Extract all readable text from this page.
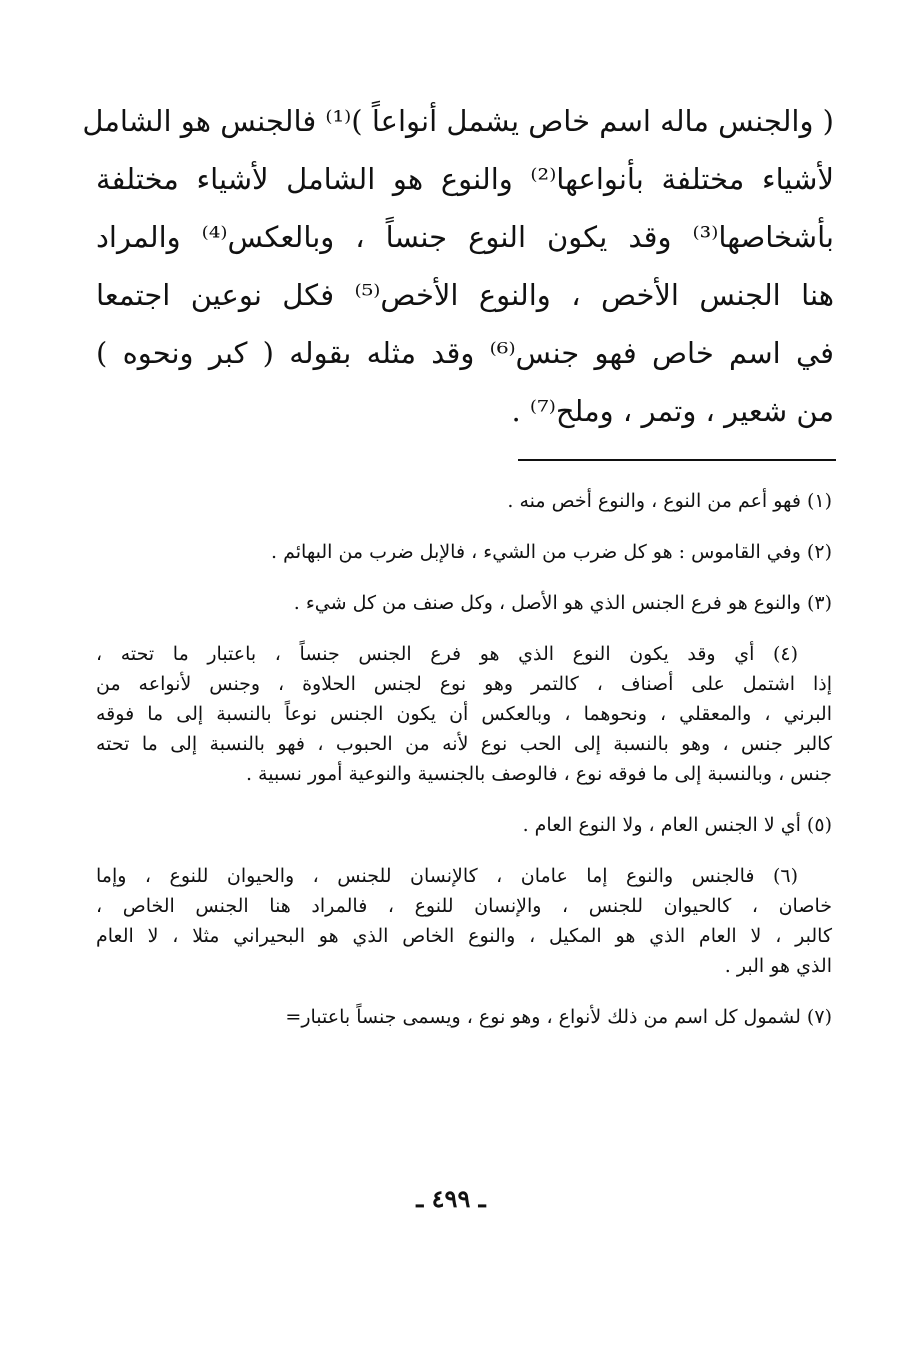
( والجنس ماله اسم خاص يشمل أنواعاً )⁽¹⁾ فالجنس هو الشامل

لأشياء مختلفة بأنواعها⁽²⁾ والنوع هو الشامل لأشياء مختلفة

بأشخاصها⁽³⁾ وقد يكون النوع جنساً ، وبالعكس⁽⁴⁾ والمراد

هنا الجنس الأخص ، والنوع الأخص⁽⁵⁾ فكل نوعين اجتمعا

في اسم خاص فهو جنس⁽⁶⁾ وقد مثله بقوله ( كبر ونحوه )

من شعير ، وتمر ، وملح⁽⁷⁾ .

(١) فهو أعم من النوع ، والنوع أخص منه .

(٢) وفي القاموس : هو كل ضرب من الشيء ، فالإبل ضرب من البهائم .

(٣) والنوع هو فرع الجنس الذي هو الأصل ، وكل صنف من كل شيء .

(٤) أي وقد يكون النوع الذي هو فرع الجنس جنساً ، باعتبار ما تحته ،

إذا اشتمل على أصناف ، كالتمر وهو نوع لجنس الحلاوة ، وجنس لأنواعه من

البرني ، والمعقلي ، ونحوهما ، وبالعكس أن يكون الجنس نوعاً بالنسبة إلى ما فوقه

كالبر جنس ، وهو بالنسبة إلى الحب نوع لأنه من الحبوب ، فهو بالنسبة إلى ما تحته

جنس ، وبالنسبة إلى ما فوقه نوع ، فالوصف بالجنسية والنوعية أمور نسبية .

(٥) أي لا الجنس العام ، ولا النوع العام .

(٦) فالجنس والنوع إما عامان ، كالإنسان للجنس ، والحيوان للنوع ، وإما

خاصان ، كالحيوان للجنس ، والإنسان للنوع ، فالمراد هنا الجنس الخاص ،

كالبر ، لا العام الذي هو المكيل ، والنوع الخاص الذي هو البحيراني مثلا ، لا العام

الذي هو البر .

(٧) لشمول كل اسم من ذلك لأنواع ، وهو نوع ، ويسمى جنساً باعتبار=

ـ ٤٩٩ ـ
